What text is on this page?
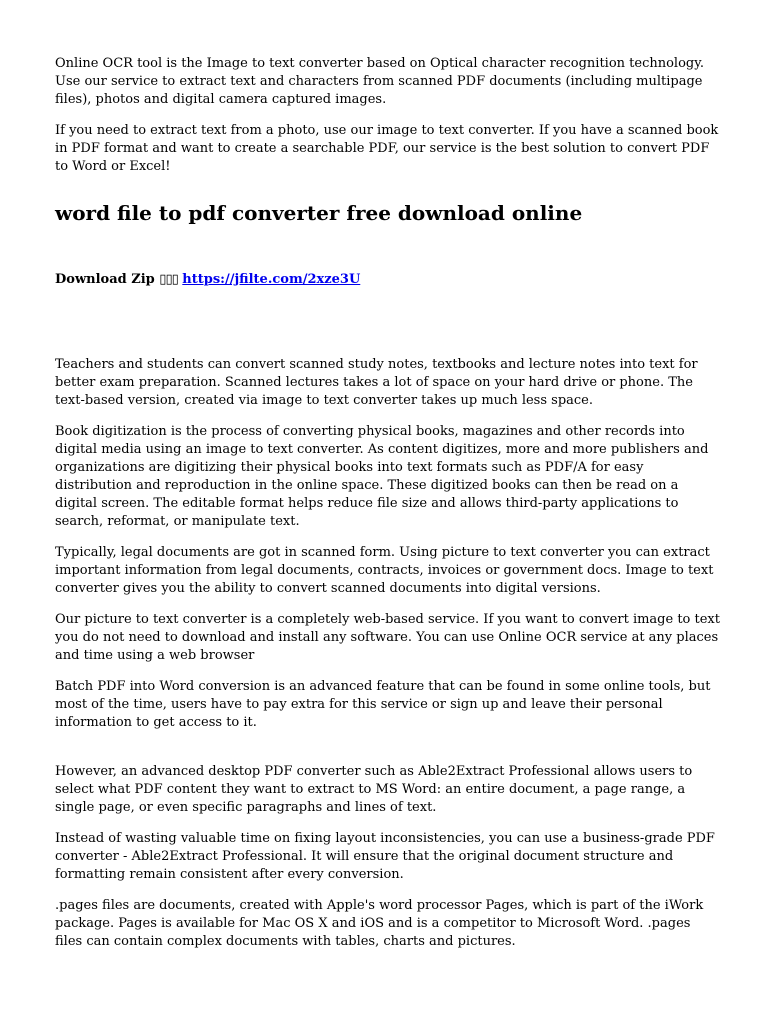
Online OCR tool is the Image to text converter based on Optical character recognition technology. Use our service to extract text and characters from scanned PDF documents (including multipage files), photos and digital camera captured images.

If you need to extract text from a photo, use our image to text converter. If you have a scanned book in PDF format and want to create a searchable PDF, our service is the best solution to convert PDF to Word or Excel!

word file to pdf converter free download online
Download Zip ▯▯▯ https://jfilte.com/2xze3U

Teachers and students can convert scanned study notes, textbooks and lecture notes into text for better exam preparation. Scanned lectures takes a lot of space on your hard drive or phone. The text-based version, created via image to text converter takes up much less space.

Book digitization is the process of converting physical books, magazines and other records into digital media using an image to text converter. As content digitizes, more and more publishers and organizations are digitizing their physical books into text formats such as PDF/A for easy distribution and reproduction in the online space. These digitized books can then be read on a digital screen. The editable format helps reduce file size and allows third-party applications to search, reformat, or manipulate text.

Typically, legal documents are got in scanned form. Using picture to text converter you can extract important information from legal documents, contracts, invoices or government docs. Image to text converter gives you the ability to convert scanned documents into digital versions.

Our picture to text converter is a completely web-based service. If you want to convert image to text you do not need to download and install any software. You can use Online OCR service at any places and time using a web browser

Batch PDF into Word conversion is an advanced feature that can be found in some online tools, but most of the time, users have to pay extra for this service or sign up and leave their personal information to get access to it.

However, an advanced desktop PDF converter such as Able2Extract Professional allows users to select what PDF content they want to extract to MS Word: an entire document, a page range, a single page, or even specific paragraphs and lines of text.

Instead of wasting valuable time on fixing layout inconsistencies, you can use a business-grade PDF converter - Able2Extract Professional. It will ensure that the original document structure and formatting remain consistent after every conversion.

.pages files are documents, created with Apple's word processor Pages, which is part of the iWork package. Pages is available for Mac OS X and iOS and is a competitor to Microsoft Word. .pages files can contain complex documents with tables, charts and pictures.
